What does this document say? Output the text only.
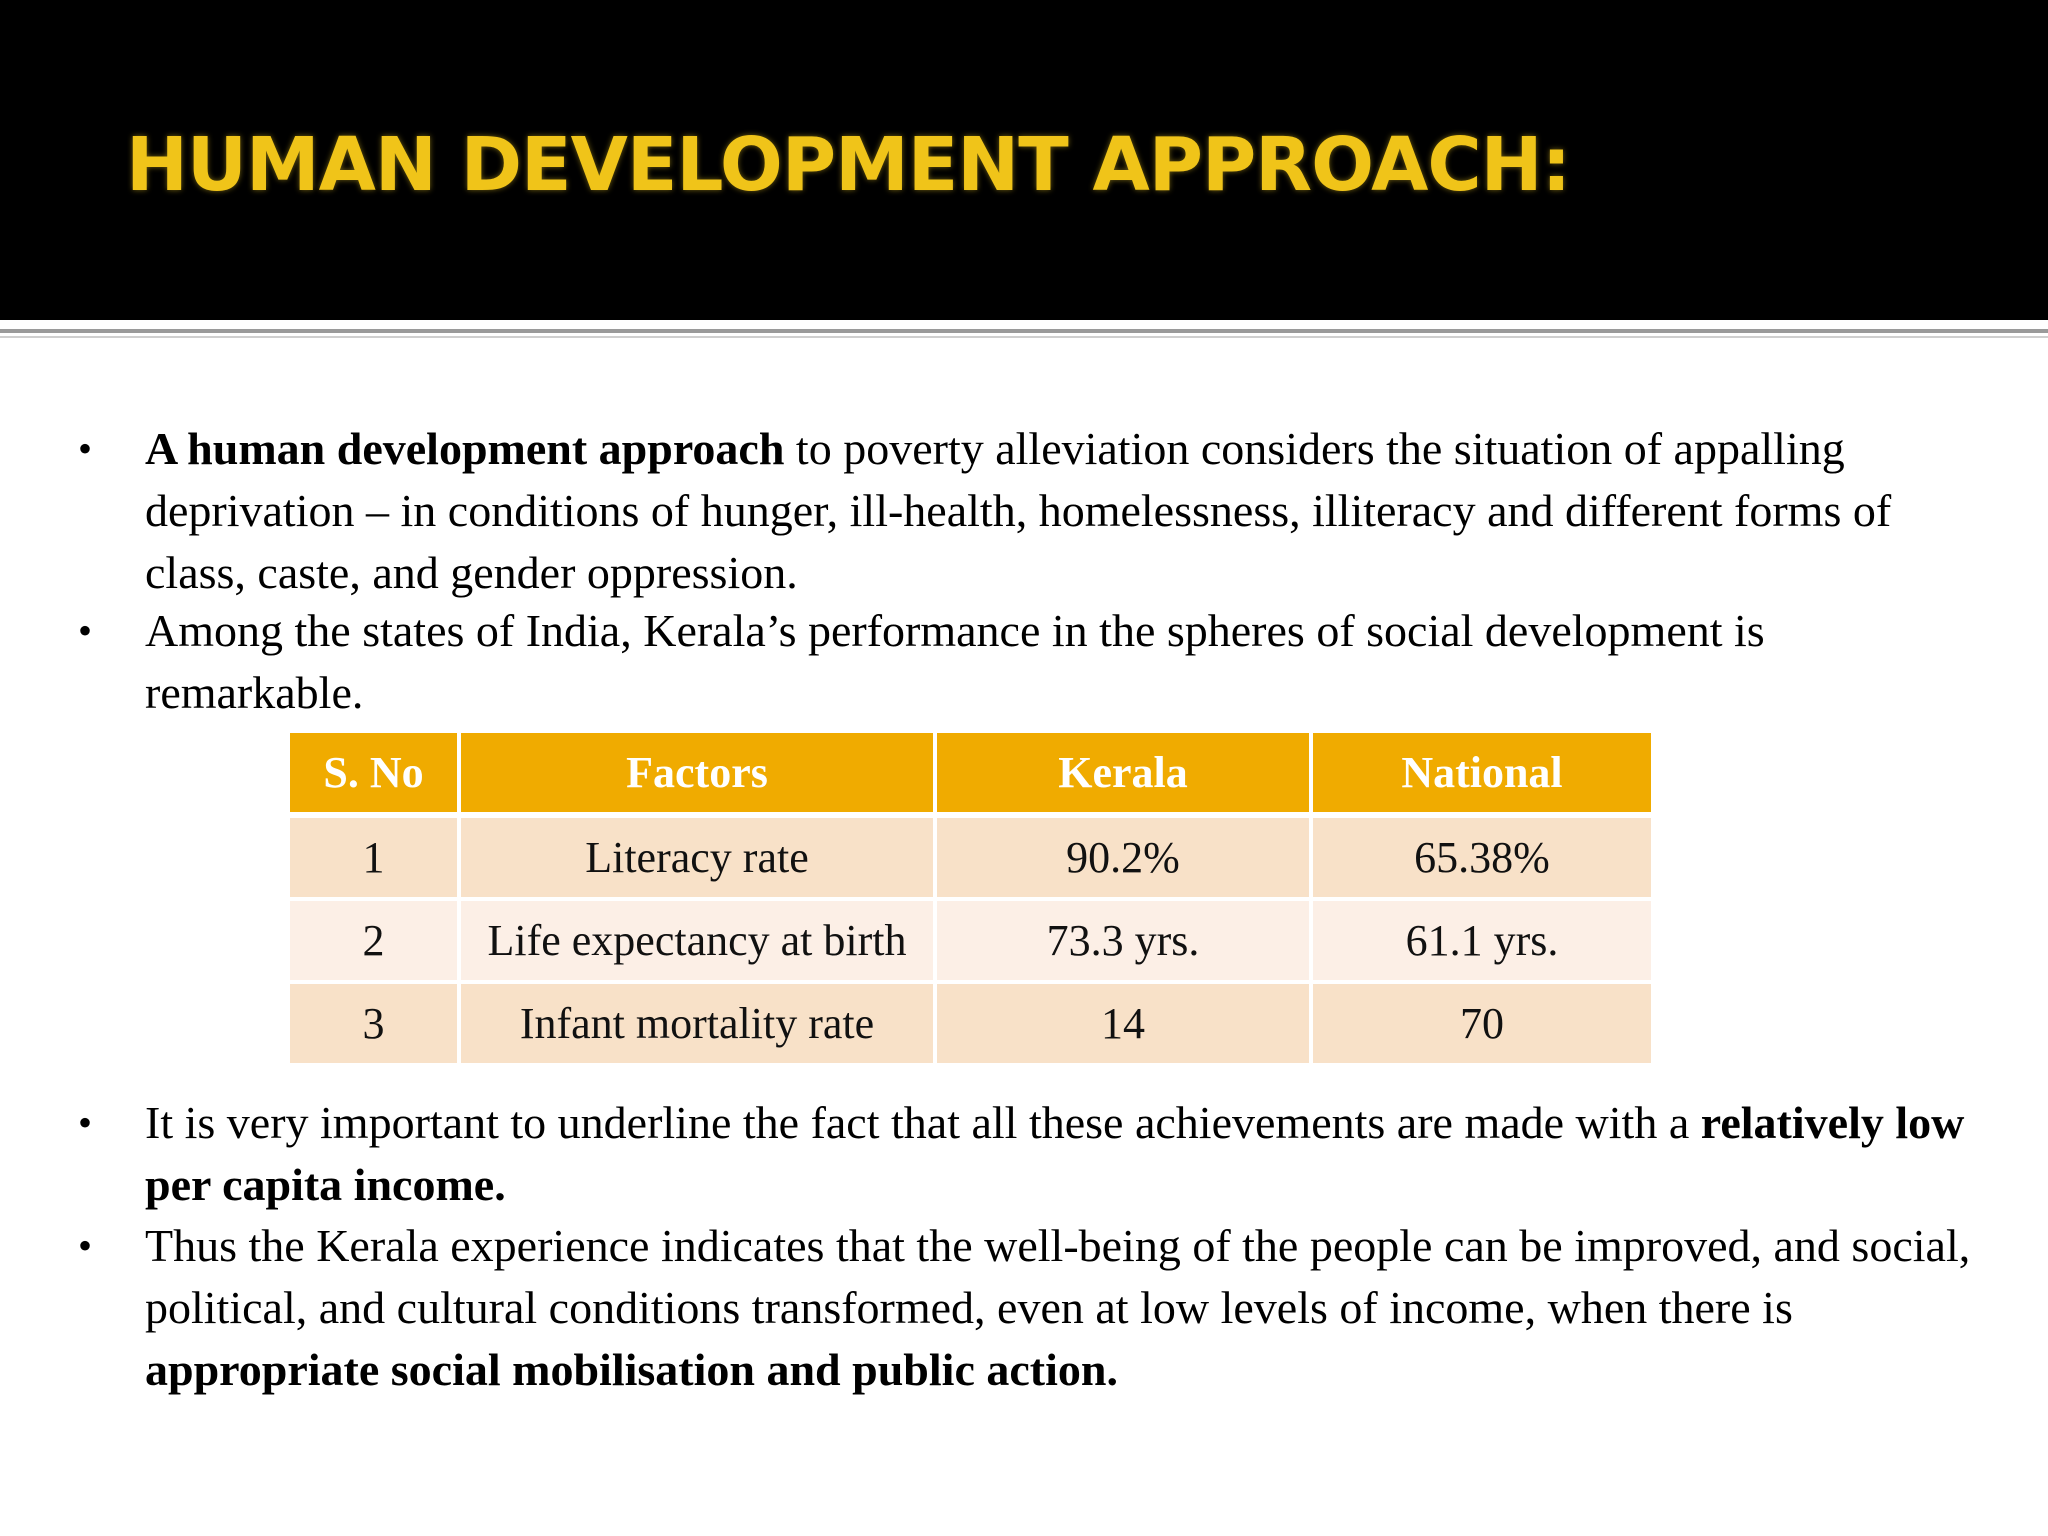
HUMAN DEVELOPMENT APPROACH:
• A human development approach to poverty alleviation considers the situation of appalling deprivation – in conditions of hunger, ill-health, homelessness, illiteracy and different forms of class, caste, and gender oppression.
• Among the states of India, Kerala’s performance in the spheres of social development is remarkable.
• It is very important to underline the fact that all these achievements are made with a relatively low per capita income.
• Thus the Kerala experience indicates that the well-being of the people can be improved, and social, political, and cultural conditions transformed, even at low levels of income, when there is appropriate social mobilisation and public action.
S. No	Factors	Kerala	National
1	Literacy rate	90.2%	65.38%
2	Life expectancy at birth	73.3 yrs.	61.1 yrs.
3	Infant mortality rate	14	70
